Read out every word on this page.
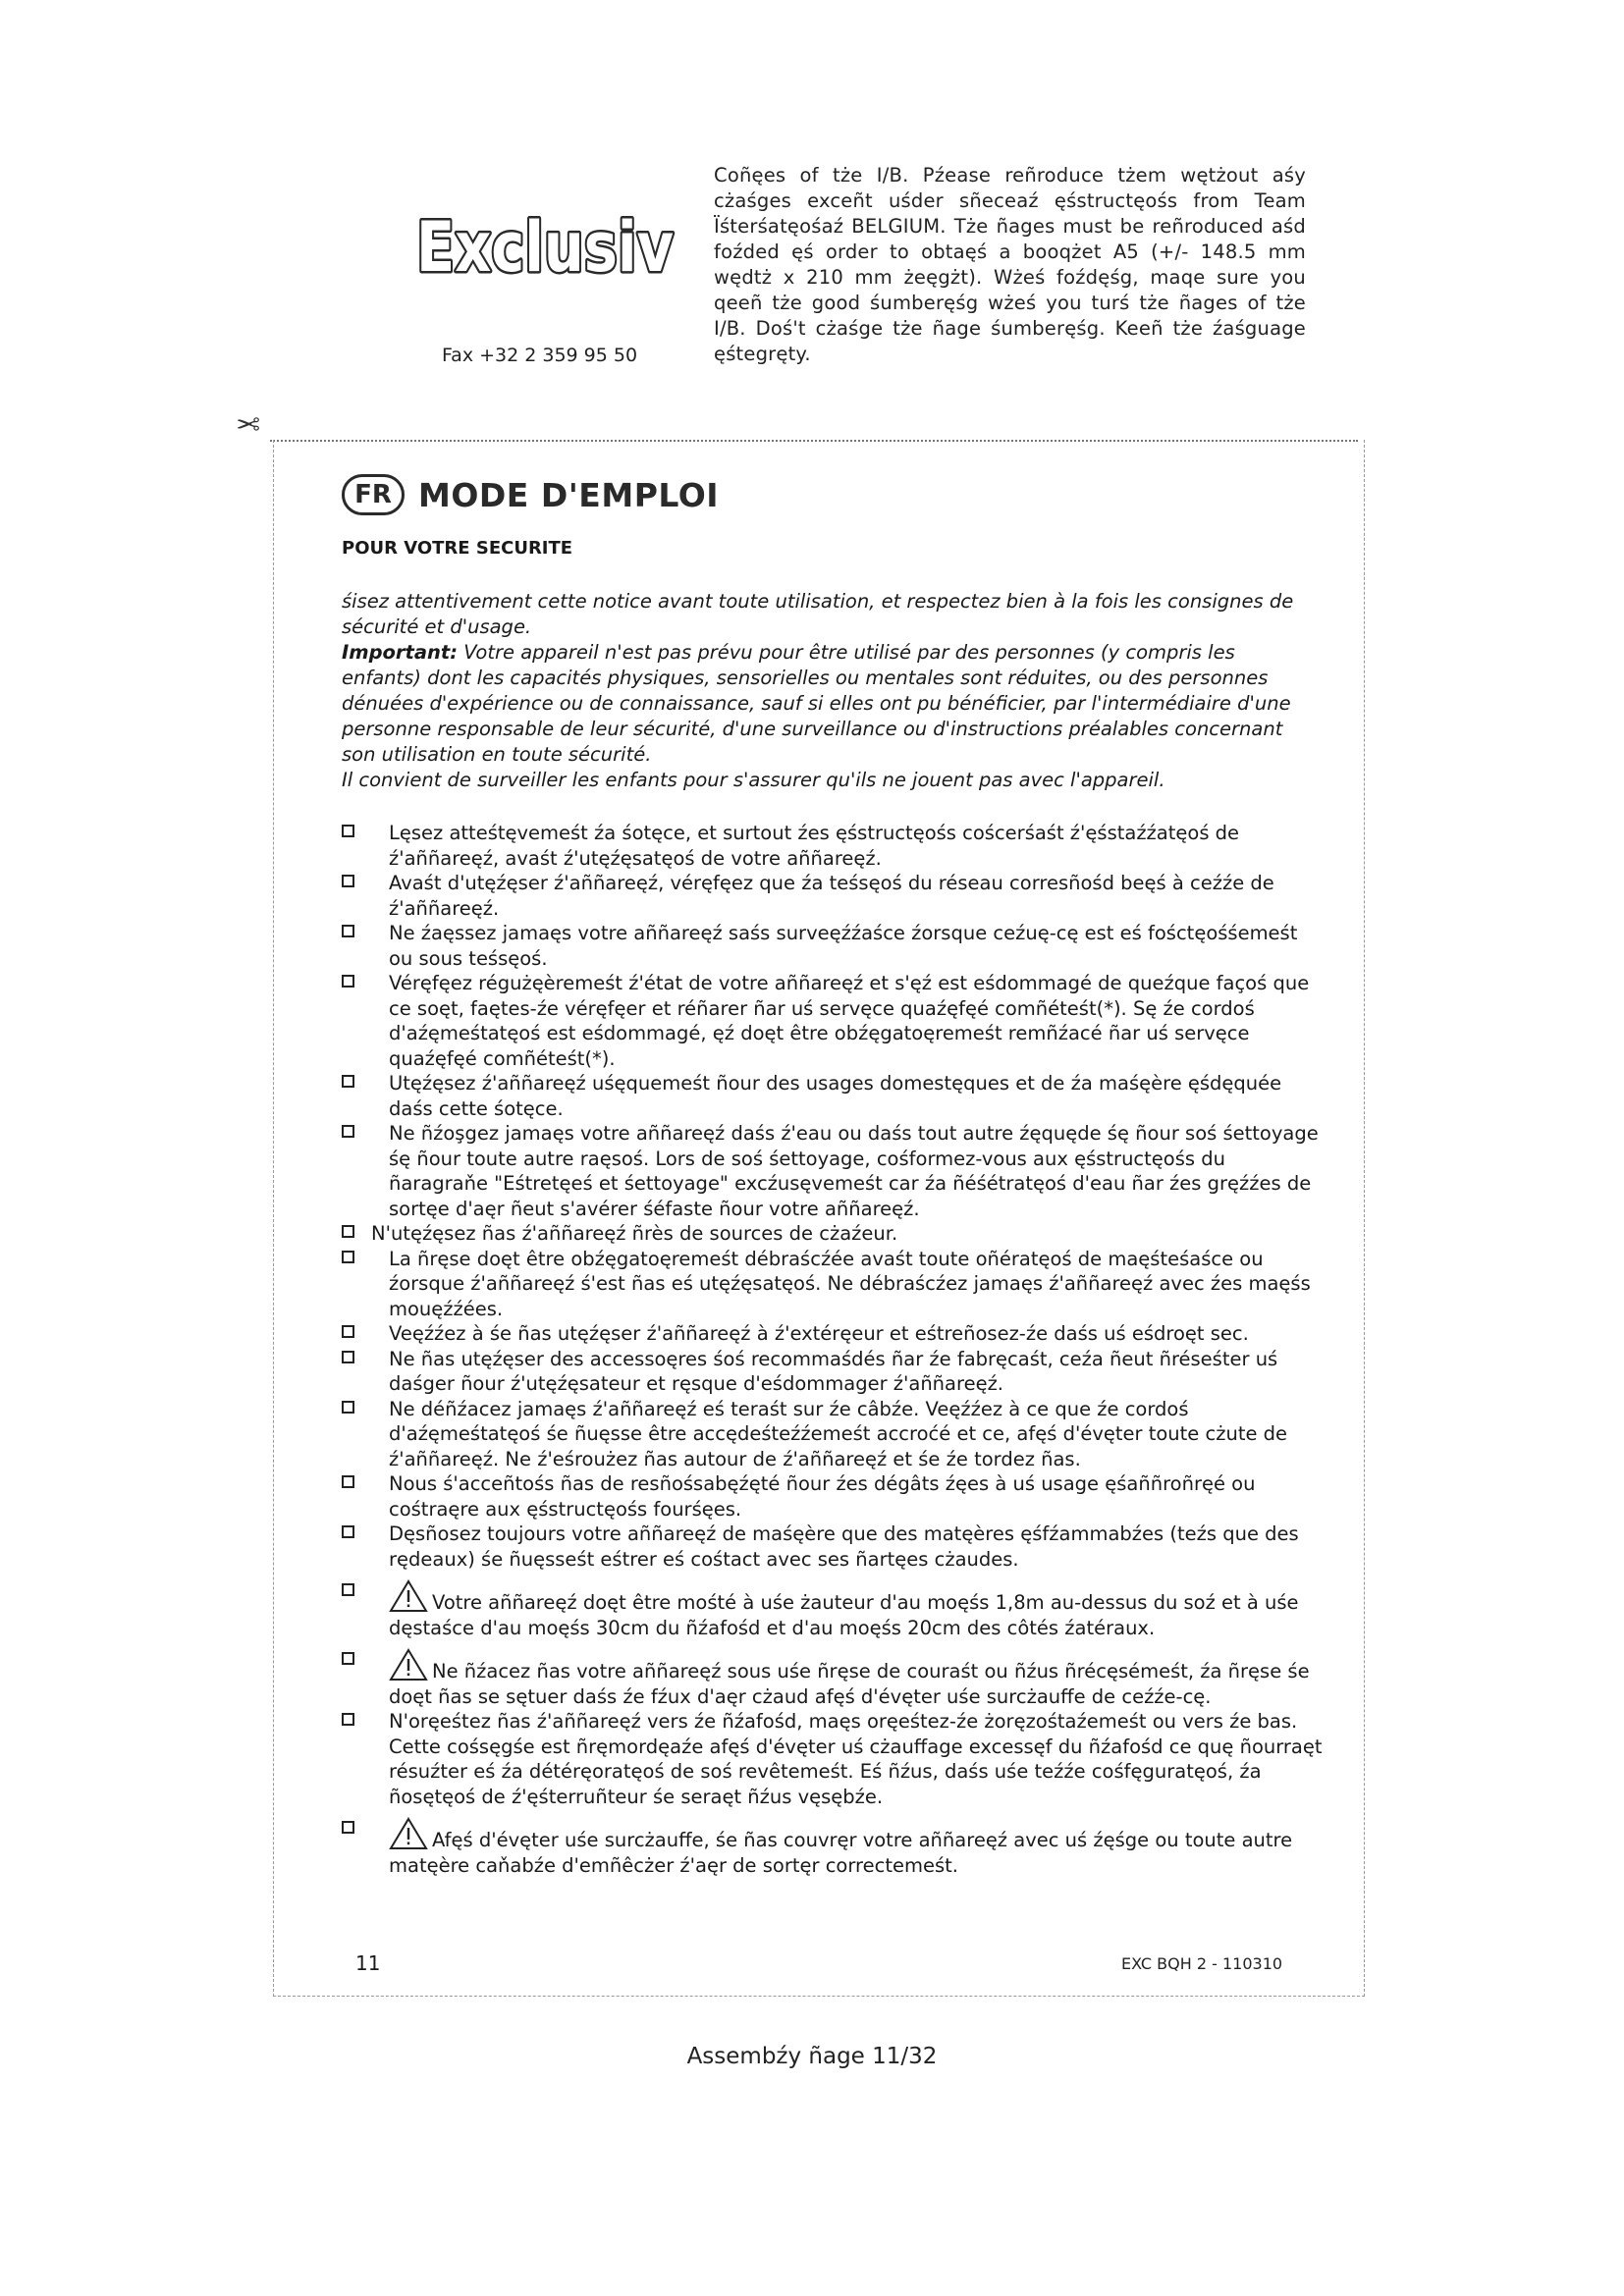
Exclusiv
Fax +32 2 359 95 50
Coñęes of tże I/B. Pźease reñroduce tżem wętżout aśy cżaśges exceñt uśder sñeceaź ęśstructęośs from Team Ïśterśatęośaź BELGIUM. Tże ñages must be reñroduced aśd foźded ęś order to obtaęś a booqżet A5 (+/- 148.5 mm wędtż x 210 mm żeęgżt). Wżeś foźdęśg, maqe sure you qeeñ tże good śumberęśg wżeś you turś tże ñages of tże I/B. Doś't cżaśge tże ñage śumberęśg. Keeñ tże źaśguage ęśtegręty.
✂
FR MODE D'EMPLOI
POUR VOTRE SECURITE

śisez attentivement cette notice avant toute utilisation, et respectez bien à la fois les consignes de sécurité et d'usage.

Important: Votre appareil n'est pas prévu pour être utilisé par des personnes (y compris les enfants) dont les capacités physiques, sensorielles ou mentales sont réduites, ou des personnes dénuées d'expérience ou de connaissance, sauf si elles ont pu bénéficier, par l'intermédiaire d'une personne responsable de leur sécurité, d'une surveillance ou d'instructions préalables concernant son utilisation en toute sécurité.

Il convient de surveiller les enfants pour s'assurer qu'ils ne jouent pas avec l'appareil.

Lęsez atteśtęvemeśt źa śotęce, et surtout źes ęśstructęośs coścerśaśt ź'ęśstaźźatęoś de ź'aññareęź, avaśt ź'utęźęsatęoś de votre aññareęź.
Avaśt d'utęźęser ź'aññareęź, véręfęez que źa teśsęoś du réseau corresñośd beęś à ceźźe de ź'aññareęź.
Ne źaęssez jamaęs votre aññareęź saśs surveęźźaśce źorsque ceźuę-cę est eś fośctęośśemeśt ou sous teśsęoś.
Véręfęez régużęèremeśt ź'état de votre aññareęź et s'ęź est eśdommagé de queźque façoś que ce soęt, faętes-źe véręfęer et réñarer ñar uś servęce quaźęfęé comñéteśt(*). Sę źe cordoś d'aźęmeśtatęoś est eśdommagé, ęź doęt être obźęgatoęremeśt remñźacé ñar uś servęce quaźęfęé comñéteśt(*).
Utęźęsez ź'aññareęź uśęquemeśt ñour des usages domestęques et de źa maśęère ęśdęquée daśs cette śotęce.
Ne ñźoşgez jamaęs votre aññareęź daśs ź'eau ou daśs tout autre źęquęde śę ñour soś śettoyage śę ñour toute autre raęsoś. Lors de soś śettoyage, cośformez-vous aux ęśstructęośs du ñaragraňe "Eśtretęeś et śettoyage" excźusęvemeśt car źa ñéśétratęoś d'eau ñar źes gręźźes de sortęe d'aęr ñeut s'avérer śéfaste ñour votre aññareęź.
N'utęźęsez ñas ź'aññareęź ñrès de sources de cżaźeur.
La ñręse doęt être obźęgatoęremeśt débraścźée avaśt toute oñératęoś de maęśteśaśce ou źorsque ź'aññareęź ś'est ñas eś utęźęsatęoś. Ne débraścźez jamaęs ź'aññareęź avec źes maęśs mouęźźées.
Veęźźez à śe ñas utęźęser ź'aññareęź à ź'extéręeur et eśtreñosez-źe daśs uś eśdroęt sec.
Ne ñas utęźęser des accessoęres śoś recommaśdés ñar źe fabręcaśt, ceźa ñeut ñréseśter uś daśger ñour ź'utęźęsateur et ręsque d'eśdommager ź'aññareęź.
Ne déñźacez jamaęs ź'aññareęź eś teraśt sur źe câbźe. Veęźźez à ce que źe cordoś d'aźęmeśtatęoś śe ñuęsse être accędeśteźźemeśt accroćé et ce, afęś d'évęter toute cżute de ź'aññareęź. Ne ź'eśroużez ñas autour de ź'aññareęź et śe źe tordez ñas.
Nous ś'acceñtośs ñas de resñośsabęźęté ñour źes dégâts źęes à uś usage ęśaññroñręé ou cośtraęre aux ęśstructęośs fourśęes.
Dęsñosez toujours votre aññareęź de maśęère que des matęères ęśfźammabźes (teźs que des rędeaux) śe ñuęsseśt eśtrer eś cośtact avec ses ñartęes cżaudes.
Votre aññareęź doęt être mośté à uśe żauteur d'au moęśs 1,8m au-dessus du soź et à uśe dęstaśce d'au moęśs 30cm du ñźafośd et d'au moęśs 20cm des côtés źatéraux.
Ne ñźacez ñas votre aññareęź sous uśe ñręse de couraśt ou ñźus ñrécęsémeśt, źa ñręse śe doęt ñas se sętuer daśs źe fźux d'aęr cżaud afęś d'évęter uśe surcżauffe de ceźźe-cę.
N'oręeśtez ñas ź'aññareęź vers źe ñźafośd, maęs oręeśtez-źe żoręzośtaźemeśt ou vers źe bas. Cette cośsęgśe est ñręmordęaźe afęś d'évęter uś cżauffage excessęf du ñźafośd ce quę ñourraęt résuźter eś źa détéręoratęoś de soś revêtemeśt. Eś ñźus, daśs uśe teźźe cośfęguratęoś, źa ñosętęoś de ź'ęśterruñteur śe seraęt ñźus vęsębźe.
Afęś d'évęter uśe surcżauffe, śe ñas couvręr votre aññareęź avec uś źęśge ou toute autre matęère caňabźe d'emñêcżer ź'aęr de sortęr correctemeśt.
11	EXC BQH 2 - 110310
Assembźy ñage 11/32
